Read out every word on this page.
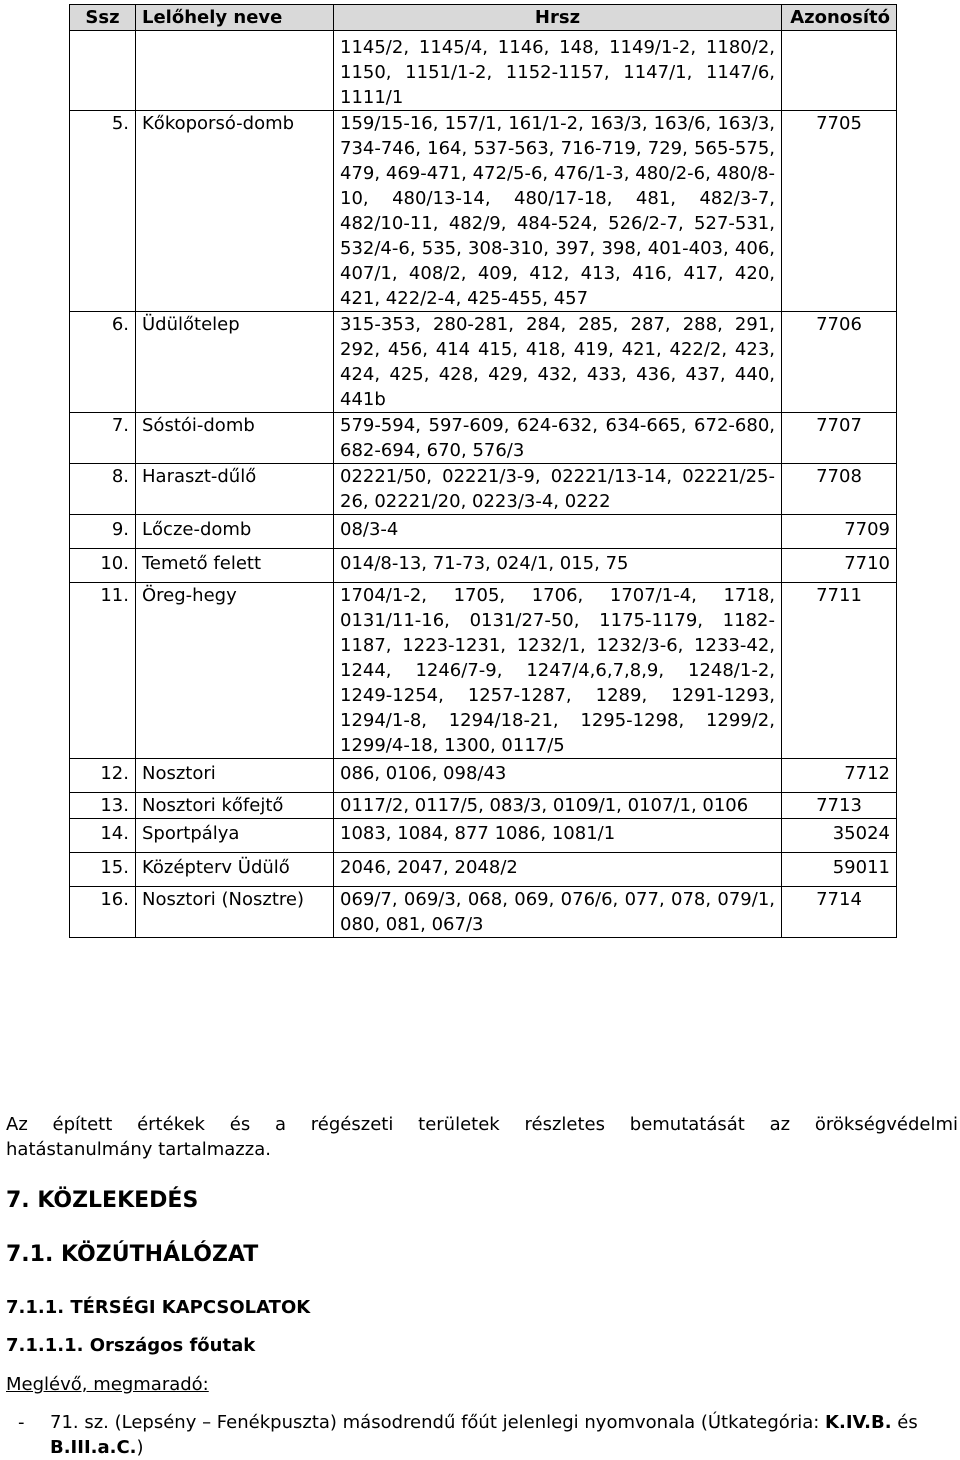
Ssz	Lelőhely neve	Hrsz	Azonosító
		1145/2, 1145/4, 1146, 148, 1149/1-2, 1180/2, 1150, 1151/1-2, 1152-1157, 1147/1, 1147/6, 1111/1	
5.	Kőkoporsó-domb	159/15-16, 157/1, 161/1-2, 163/3, 163/6, 163/3, 734-746, 164, 537-563, 716-719, 729, 565-575, 479, 469-471, 472/5-6, 476/1-3, 480/2-6, 480/8-10, 480/13-14, 480/17-18, 481, 482/3-7, 482/10-11, 482/9, 484-524, 526/2-7, 527-531, 532/4-6, 535, 308-310, 397, 398, 401-403, 406, 407/1, 408/2, 409, 412, 413, 416, 417, 420, 421, 422/2-4, 425-455, 457	7705
6.	Üdülőtelep	315-353, 280-281, 284, 285, 287, 288, 291, 292, 456, 414 415, 418, 419, 421, 422/2, 423, 424, 425, 428, 429, 432, 433, 436, 437, 440, 441b	7706
7.	Sóstói-domb	579-594, 597-609, 624-632, 634-665, 672-680, 682-694, 670, 576/3	7707
8.	Haraszt-dűlő	02221/50, 02221/3-9, 02221/13-14, 02221/25-26, 02221/20, 0223/3-4, 0222	7708
9.	Lőcze-domb	08/3-4	7709
10.	Temető felett	014/8-13, 71-73, 024/1, 015, 75	7710
11.	Öreg-hegy	1704/1-2, 1705, 1706, 1707/1-4, 1718, 0131/11-16, 0131/27-50, 1175-1179, 1182-1187, 1223-1231, 1232/1, 1232/3-6, 1233-42, 1244, 1246/7-9, 1247/4,6,7,8,9, 1248/1-2, 1249-1254, 1257-1287, 1289, 1291-1293, 1294/1-8, 1294/18-21, 1295-1298, 1299/2, 1299/4-18, 1300, 0117/5	7711
12.	Nosztori	086, 0106, 098/43	7712
13.	Nosztori kőfejtő	0117/2, 0117/5, 083/3, 0109/1, 0107/1, 0106	7713
14.	Sportpálya	1083, 1084, 877 1086, 1081/1	35024
15.	Középterv Üdülő	2046, 2047, 2048/2	59011
16.	Nosztori (Nosztre)	069/7, 069/3, 068, 069, 076/6, 077, 078, 079/1, 080, 081, 067/3	7714
Az épített értékek és a régészeti területek részletes bemutatását az örökségvédelmi
hatástanulmány tartalmazza.
7. KÖZLEKEDÉS
7.1. KÖZÚTHÁLÓZAT
7.1.1. TÉRSÉGI KAPCSOLATOK
7.1.1.1. Országos főutak
Meglévő, megmaradó:
- 71. sz. (Lepsény – Fenékpuszta) másodrendű főút jelenlegi nyomvonala (Útkategória: K.IV.B. és
B.III.a.C.)
